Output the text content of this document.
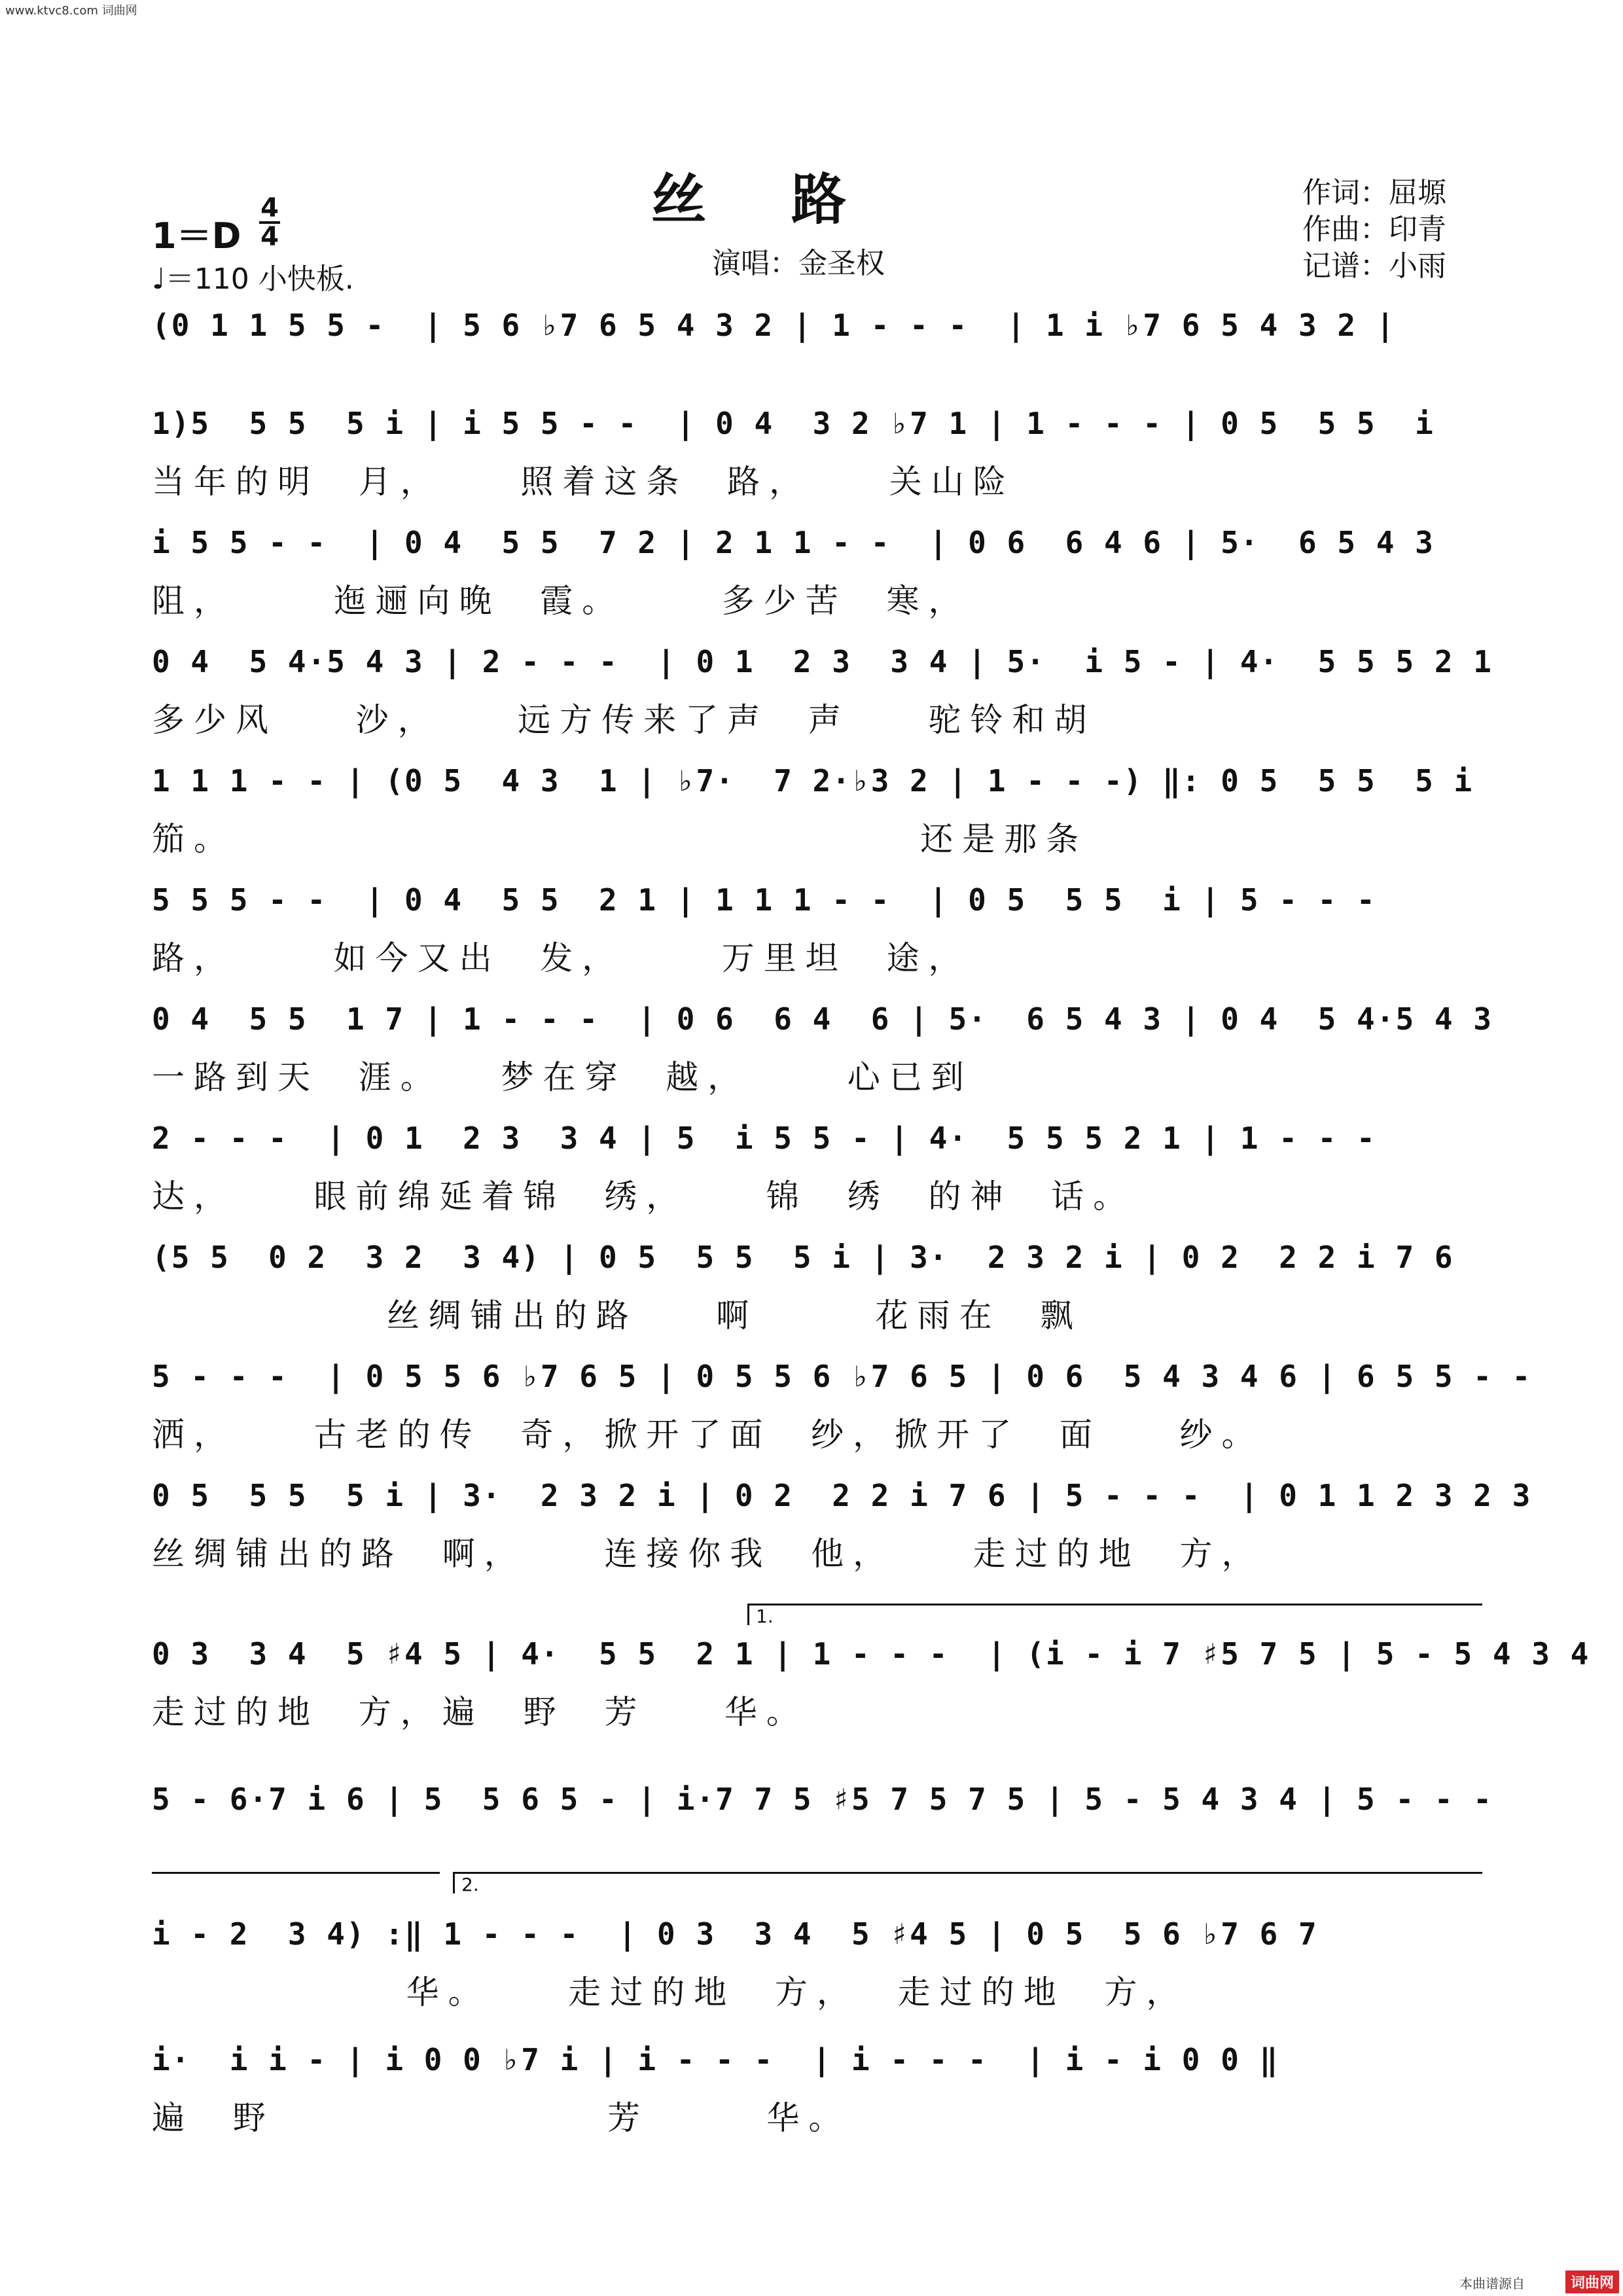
www.ktvc8.com 词曲网
丝路
1＝D
4
4
♩＝110 小快板.	演唱：金圣权
作词：屈塬
作曲：印青
记谱：小雨
(0 1 1 5 5 -  | 5 6 ♭7 6 5 4 3 2 | 1 - - -  | 1 i ♭7 6 5 4 3 2 |
1)5  5 5  5 i | i 5 5 - -  | 0 4  3 2 ♭7 1 | 1 - - - | 0 5  5 5  i
当年的明  月，    照着这条  路，    关山险
i 5 5 - -  | 0 4  5 5  7 2 | 2 1 1 - -  | 0 6  6 4 6 | 5·  6 5 4 3
阻，     迤逦向晚  霞。     多少苦  寒，
0 4  5 4·5 4 3 | 2 - - -  | 0 1  2 3  3 4 | 5·  i 5 - | 4·  5 5 5 2 1
多少风    沙，    远方传来了声  声    驼铃和胡
1 1 1 - - | (0 5  4 3  1 | ♭7·  7 2·♭3 2 | 1 - - -) ‖: 0 5  5 5  5 i
笳。                                   还是那条
5 5 5 - -  | 0 4  5 5  2 1 | 1 1 1 - -  | 0 5  5 5  i | 5 - - -
路，     如今又出  发，     万里坦  途，
0 4  5 5  1 7 | 1 - - -  | 0 6  6 4  6 | 5·  6 5 4 3 | 0 4  5 4·5 4 3
一路到天  涯。   梦在穿  越，     心已到
2 - - -  | 0 1  2 3  3 4 | 5  i 5 5 - | 4·  5 5 5 2 1 | 1 - - -
达，    眼前绵延着锦  绣，    锦  绣  的神  话。
(5 5  0 2  3 2  3 4) | 0 5  5 5  5 i | 3·  2 3 2 i | 0 2  2 2 i 7 6
丝绸铺出的路    啊      花雨在  飘
5 - - -  | 0 5 5 6 ♭7 6 5 | 0 5 5 6 ♭7 6 5 | 0 6  5 4 3 4 6 | 6 5 5 - -
洒，    古老的传  奇，掀开了面  纱，掀开了  面    纱。
0 5  5 5  5 i | 3·  2 3 2 i | 0 2  2 2 i 7 6 | 5 - - -  | 0 1 1 2 3 2 3
丝绸铺出的路  啊，    连接你我  他，    走过的地  方，
1.
0 3  3 4  5 ♯4 5 | 4·  5 5  2 1 | 1 - - -  | (i - i 7 ♯5 7 5 | 5 - 5 4 3 4
走过的地  方，遍  野  芳    华。
5 - 6·7 i 6 | 5  5 6 5 - | i·7 7 5 ♯5 7 5 7 5 | 5 - 5 4 3 4 | 5 - - -
2.
i - 2  3 4) :‖ 1 - - -  | 0 3  3 4  5 ♯4 5 | 0 5  5 6 ♭7 6 7
华。    走过的地  方，  走过的地  方，
i·  i i - | i 0 0 ♭7 i | i - - -  | i - - -  | i - i 0 0 ‖
遍  野                 芳      华。
本曲谱源自	词曲网
